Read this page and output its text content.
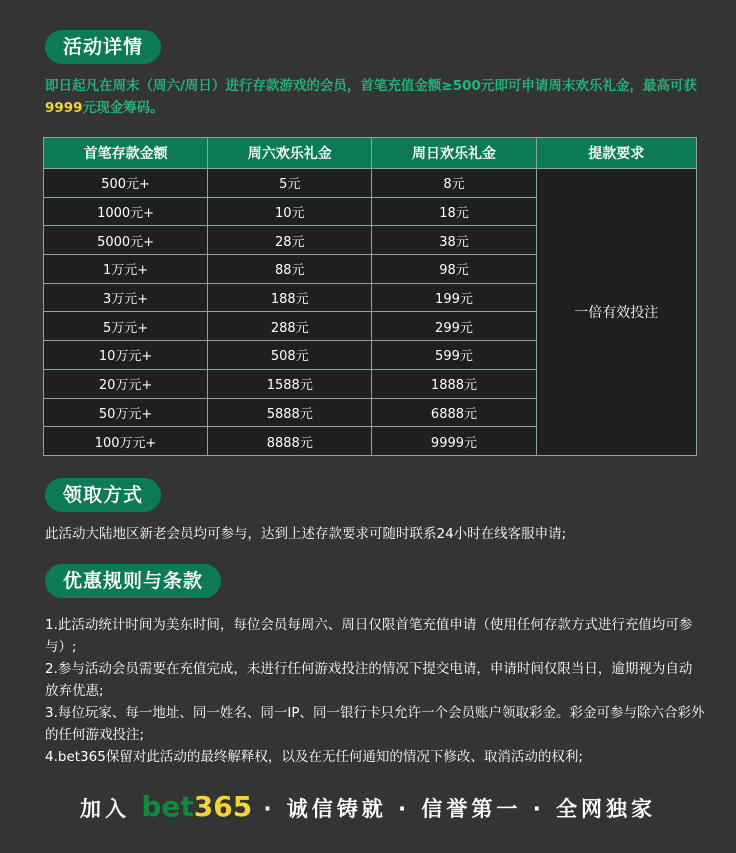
活动详情
即日起凡在周末（周六/周日）进行存款游戏的会员，首笔充值金额≥500元即可申请周末欢乐礼金，最高可获9999元现金筹码。
首笔存款金额	周六欢乐礼金	周日欢乐礼金	提款要求
500元+	5元	8元	一倍有效投注
1000元+	10元	18元	
5000元+	28元	38元	
1万元+	88元	98元	
3万元+	188元	199元	
5万元+	288元	299元	
10万元+	508元	599元	
20万元+	1588元	1888元	
50万元+	5888元	6888元	
100万元+	8888元	9999元	
领取方式
此活动大陆地区新老会员均可参与，达到上述存款要求可随时联系24小时在线客服申请;
优惠规则与条款
1.此活动统计时间为美东时间，每位会员每周六、周日仅限首笔充值申请（使用任何存款方式进行充值均可参与）;
2.参与活动会员需要在充值完成，未进行任何游戏投注的情况下提交电请，申请时间仅限当日，逾期视为自动放弃优惠;
3.每位玩家、每一地址、同一姓名、同一IP、同一银行卡只允许一个会员账户领取彩金。彩金可参与除六合彩外的任何游戏投注;
4.bet365保留对此活动的最终解释权，以及在无任何通知的情况下修改、取消活动的权利;
加入 bet365 · 诚信铸就 · 信誉第一 · 全网独家
